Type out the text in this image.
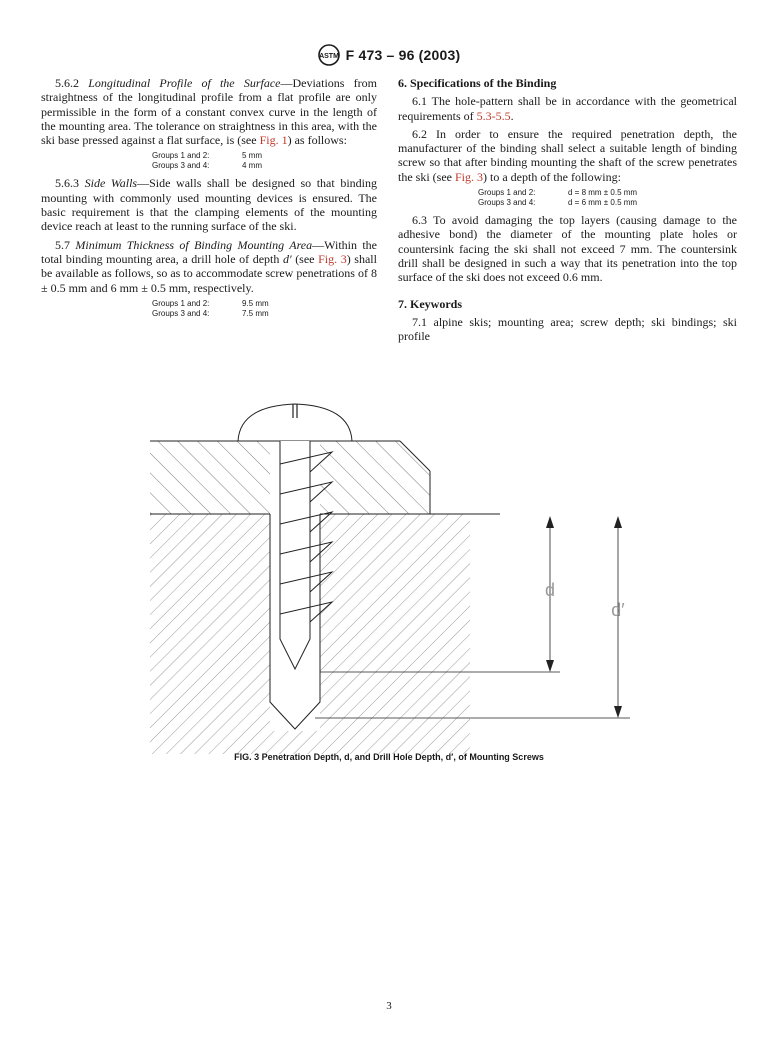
ASTM F 473 – 96 (2003)

5.6.2 Longitudinal Profile of the Surface—Deviations from straightness of the longitudinal profile from a flat profile are only permissible in the form of a constant convex curve in the length of the mounting area. The tolerance on straightness in this area, with the ski base pressed against a flat surface, is (see Fig. 1) as follows:

Groups 1 and 2:	5 mm
Groups 3 and 4:	4 mm

5.6.3 Side Walls—Side walls shall be designed so that binding mounting with commonly used mounting devices is ensured. The basic requirement is that the clamping elements of the mounting device reach at least to the running surface of the ski.

5.7 Minimum Thickness of Binding Mounting Area—Within the total binding mounting area, a drill hole of depth d′ (see Fig. 3) shall be available as follows, so as to accommodate screw penetrations of 8 ± 0.5 mm and 6 mm ± 0.5 mm, respectively.

Groups 1 and 2:	9.5 mm
Groups 3 and 4:	7.5 mm
6. Specifications of the Binding

6.1 The hole-pattern shall be in accordance with the geometrical requirements of 5.3-5.5.

6.2 In order to ensure the required penetration depth, the manufacturer of the binding shall select a suitable length of binding screw so that after binding mounting the shaft of the screw penetrates the ski (see Fig. 3) to a depth of the following:

Groups 1 and 2:	d = 8 mm ± 0.5 mm
Groups 3 and 4:	d = 6 mm ± 0.5 mm

6.3 To avoid damaging the top layers (causing damage to the adhesive bond) the diameter of the mounting plate holes or countersink facing the ski shall not exceed 7 mm. The countersink drill shall be designed in such a way that its penetration into the top surface of the ski does not exceed 0.6 mm.

7. Keywords

7.1 alpine skis; mounting area; screw depth; ski bindings; ski profile

d
d′
FIG. 3 Penetration Depth, d, and Drill Hole Depth, d′, of Mounting Screws
3
